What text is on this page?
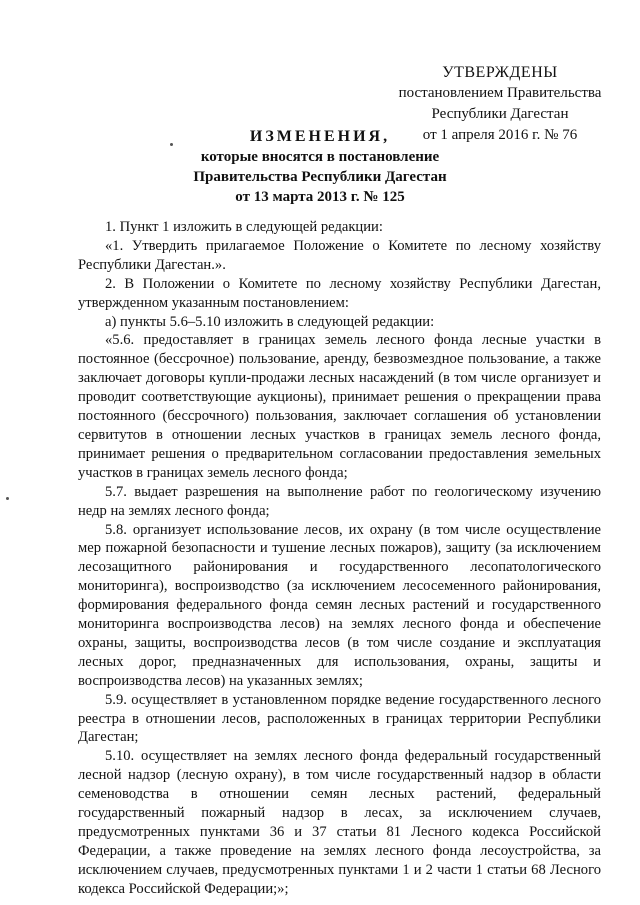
УТВЕРЖДЕНЫ
постановлением Правительства
Республики Дагестан
от 1 апреля 2016 г. № 76
ИЗМЕНЕНИЯ,
которые вносятся в постановление
Правительства Республики Дагестан
от 13 марта 2013 г. № 125

1. Пункт 1 изложить в следующей редакции:

«1. Утвердить прилагаемое Положение о Комитете по лесному хозяйству Республики Дагестан.».

2. В Положении о Комитете по лесному хозяйству Республики Дагестан, утвержденном указанным постановлением:

а) пункты 5.6–5.10 изложить в следующей редакции:

«5.6. предоставляет в границах земель лесного фонда лесные участки в постоянное (бессрочное) пользование, аренду, безвозмездное пользование, а также заключает договоры купли-продажи лесных насаждений (в том числе организует и проводит соответствующие аукционы), принимает решения о прекращении права постоянного (бессрочного) пользования, заключает соглашения об установлении сервитутов в отношении лесных участков в границах земель лесного фонда, принимает решения о предварительном согласовании предоставления земельных участков в границах земель лесного фонда;

5.7. выдает разрешения на выполнение работ по геологическому изучению недр на землях лесного фонда;

5.8. организует использование лесов, их охрану (в том числе осуществление мер пожарной безопасности и тушение лесных пожаров), защиту (за исключением лесозащитного районирования и государственного лесопатологического мониторинга), воспроизводство (за исключением лесосеменного районирования, формирования федерального фонда семян лесных растений и государственного мониторинга воспроизводства лесов) на землях лесного фонда и обеспечение охраны, защиты, воспроизводства лесов (в том числе создание и эксплуатация лесных дорог, предназначенных для использования, охраны, защиты и воспроизводства лесов) на указанных землях;

5.9. осуществляет в установленном порядке ведение государственного лесного реестра в отношении лесов, расположенных в границах территории Республики Дагестан;

5.10. осуществляет на землях лесного фонда федеральный государственный лесной надзор (лесную охрану), в том числе государственный надзор в области семеноводства в отношении семян лесных растений, федеральный государственный пожарный надзор в лесах, за исключением случаев, предусмотренных пунктами 36 и 37 статьи 81 Лесного кодекса Российской Федерации, а также проведение на землях лесного фонда лесоустройства, за исключением случаев, предусмотренных пунктами 1 и 2 части 1 статьи 68 Лесного кодекса Российской Федерации;»;
